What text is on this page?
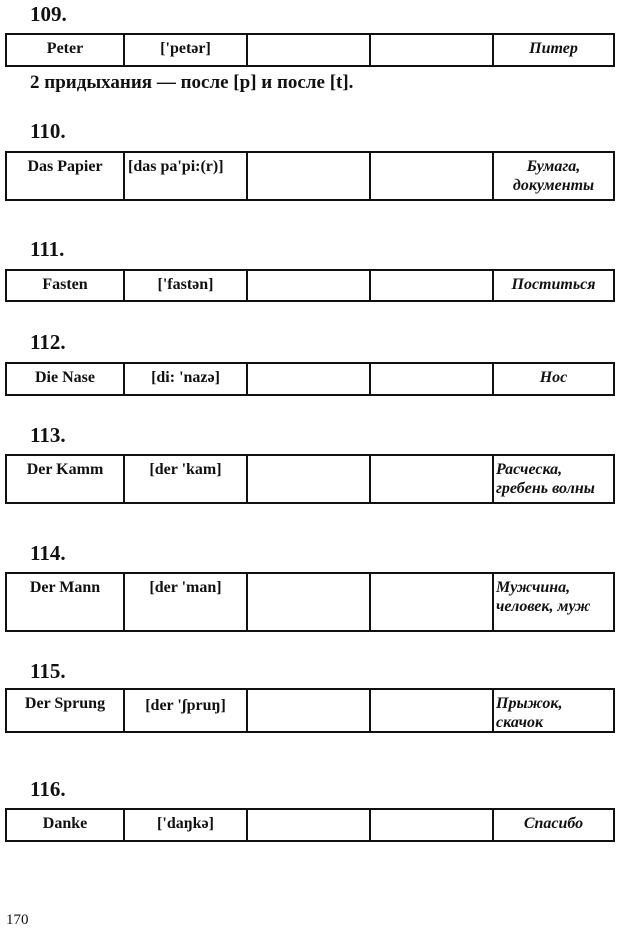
109.
Peter	['petər]	Питер
2 придыхания — после [p] и после [t].
110.
Das Papier	[das pa'pi:(r)]	Бумага,
документы
111.
Fasten	['fastən]	Поститься
112.
Die Nase	[di: 'nazə]	Нос
113.
Der Kamm	[der 'kam]	Расческа,
гребень волны
114.
Der Mann	[der 'man]	Мужчина,
человек, муж
115.
Der Sprung	[der 'ʃpruŋ]	Прыжок,
скачок
116.
Danke	['daŋkə]	Спасибо
170
